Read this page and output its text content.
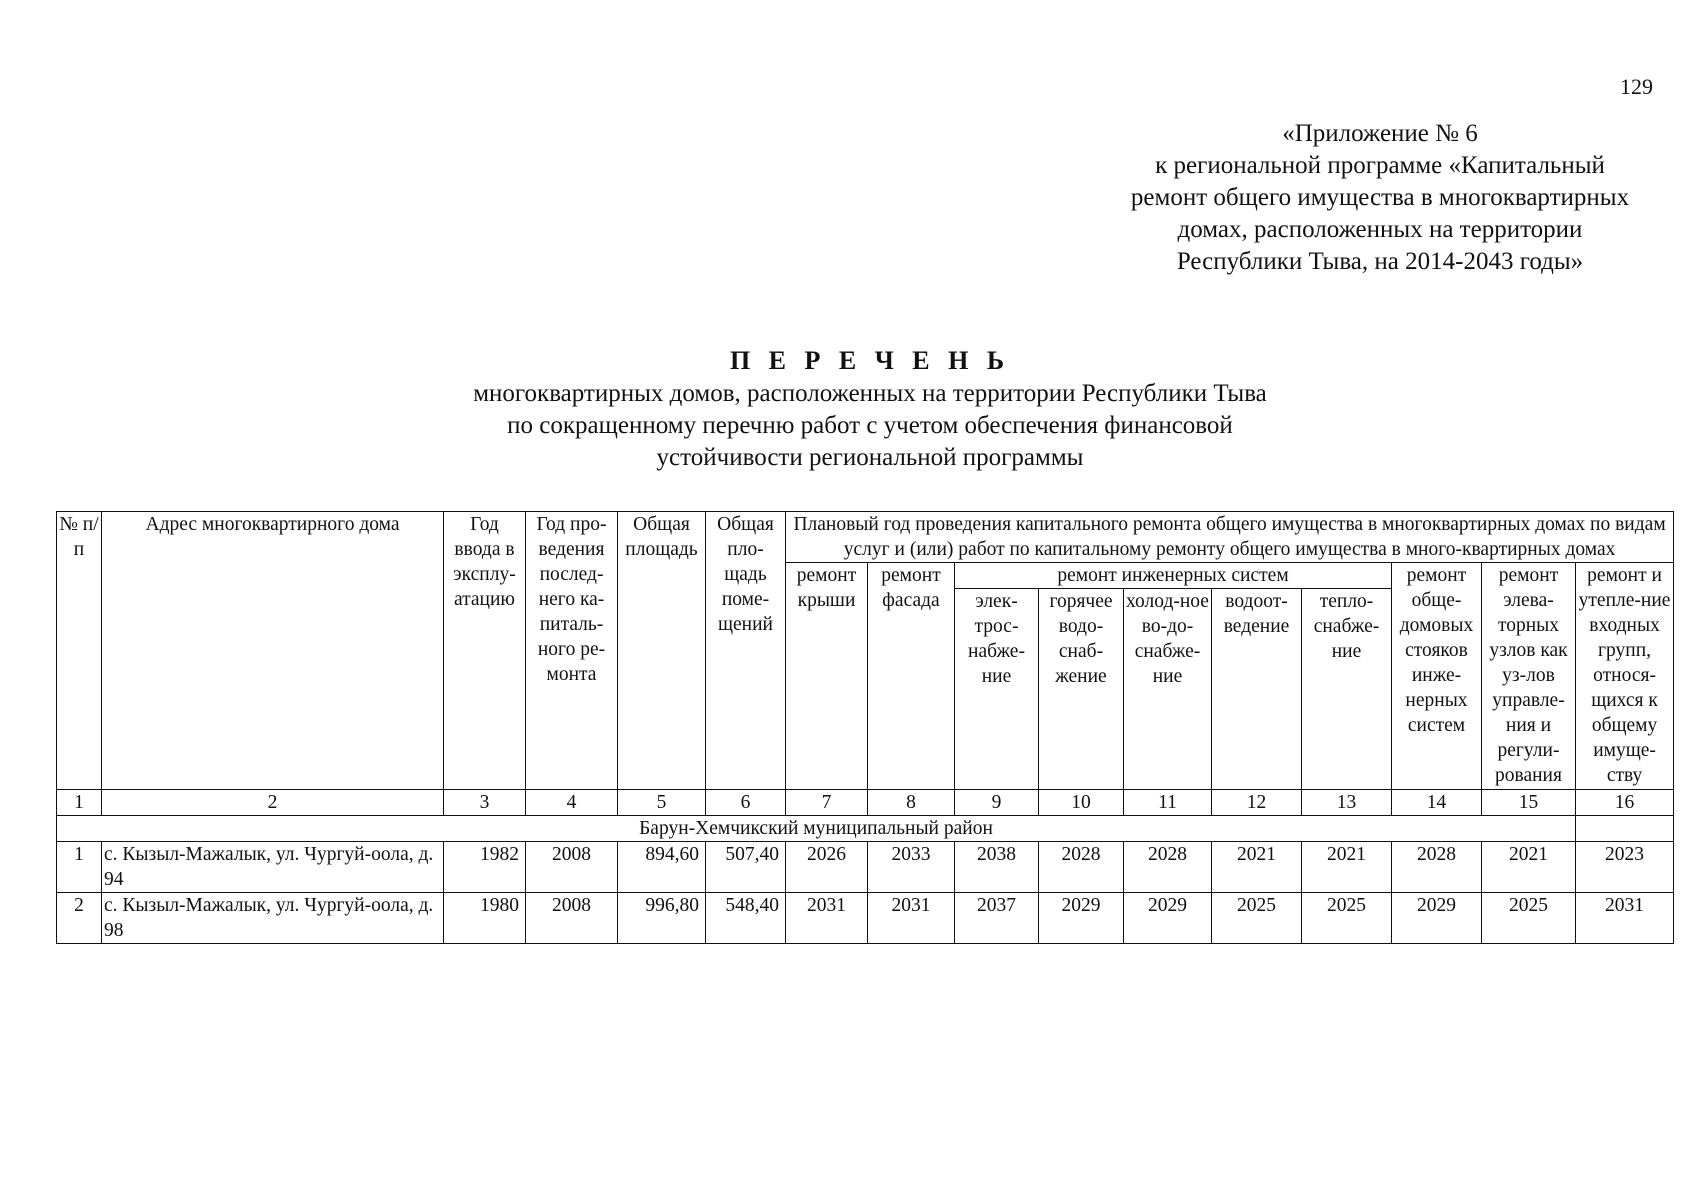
129
«Приложение № 6
к региональной программе «Капитальный
ремонт общего имущества в многоквартирных
домах, расположенных на территории
Республики Тыва, на 2014-2043 годы»
П Е Р Е Ч Е Н Ь
многоквартирных домов, расположенных на территории Республики Тыва
по сокращенному перечню работ с учетом обеспечения финансовой
устойчивости региональной программы
№ п/п	Адрес многоквартирного дома	Год ввода в эксплу-атацию	Год про-ведения послед-него ка-питаль-ного ре-монта	Общая площадь	Общая пло-щадь поме-щений	Плановый год проведения капитального ремонта общего имущества в многоквартирных домах по видам услуг и (или) работ по капитальному ремонту общего имущества в много-квартирных домах									
						ремонт крыши	ремонт фасада	ремонт инженерных систем					ремонт обще-домовых стояков инже-нерных систем	ремонт элева-торных узлов как уз-лов управле-ния и регули-рования	ремонт и утепле-ние входных групп, относя-щихся к общему имуще-ству
								элек-трос-набже-ние	горячее водо-снаб-жение	холод-ное во-до-снабже-ние	водоот-ведение	тепло-снабже-ние			
1	2	3	4	5	6	7	8	9	10	11	12	13	14	15	16
Барун-Хемчикский муниципальный район															
1	с. Кызыл-Мажалык, ул. Чургуй-оола, д. 94	1982	2008	894,60	507,40	2026	2033	2038	2028	2028	2021	2021	2028	2021	2023
2	с. Кызыл-Мажалык, ул. Чургуй-оола, д. 98	1980	2008	996,80	548,40	2031	2031	2037	2029	2029	2025	2025	2029	2025	2031
